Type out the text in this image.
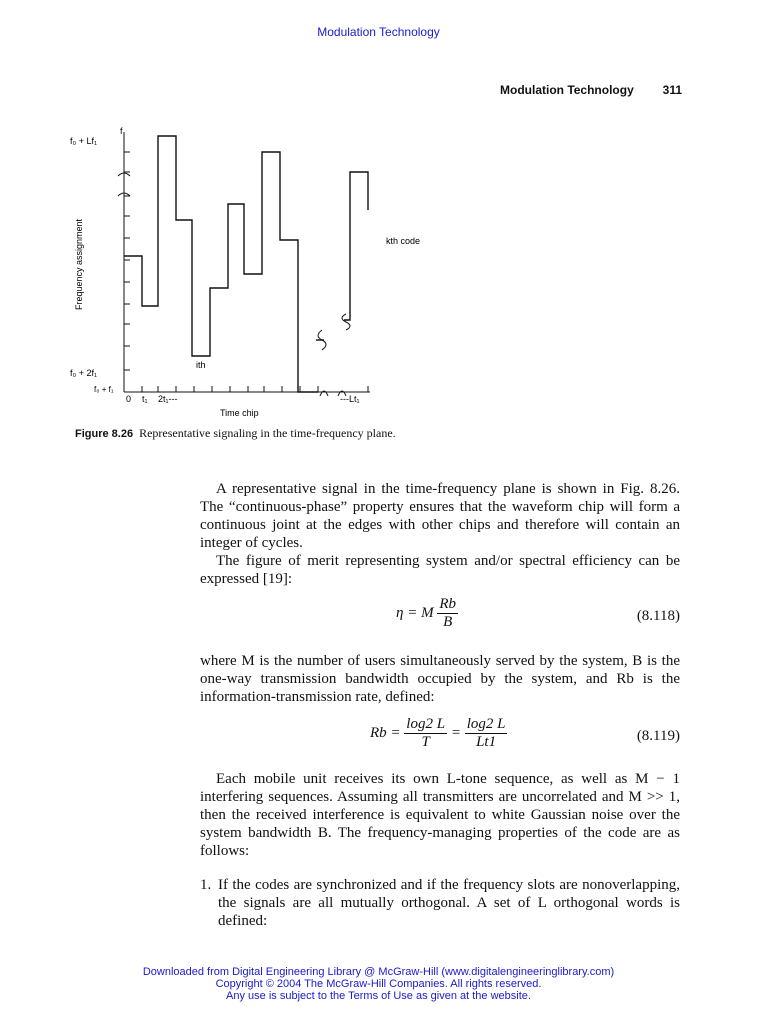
Modulation Technology
Modulation Technology 311
f₀ + Lf₁
f
f₀ + 2f₁
f₀ + f₁
0 t₁ 2t₁---	---Lt₁
ith
kth code
Time chip
Frequency assignment
Figure 8.26 Representative signaling in the time-frequency plane.

A representative signal in the time-frequency plane is shown in Fig. 8.26. The “continuous-phase” property ensures that the waveform chip will form a continuous joint at the edges with other chips and therefore will contain an integer of cycles.

The figure of merit representing system and/or spectral efficiency can be expressed [19]:

η = M $\frac{Rb}{B}$	(8.118)

where M is the number of users simultaneously served by the system, B is the one-way transmission bandwidth occupied by the system, and Rb is the information-transmission rate, defined:

$Rb = \frac{\log 2 L}{T} = \frac{\log 2 L}{Lt1}$	(8.119)

Each mobile unit receives its own L-tone sequence, as well as M − 1 interfering sequences. Assuming all transmitters are uncorrelated and M >> 1, then the received interference is equivalent to white Gaussian noise over the system bandwidth B. The frequency-managing properties of the code are as follows:

1. If the codes are synchronized and if the frequency slots are nonoverlapping, the signals are all mutually orthogonal. A set of L orthogonal words is defined:
Downloaded from Digital Engineering Library @ McGraw-Hill (www.digitalengineeringlibrary.com)
Copyright © 2004 The McGraw-Hill Companies. All rights reserved.
Any use is subject to the Terms of Use as given at the website.
